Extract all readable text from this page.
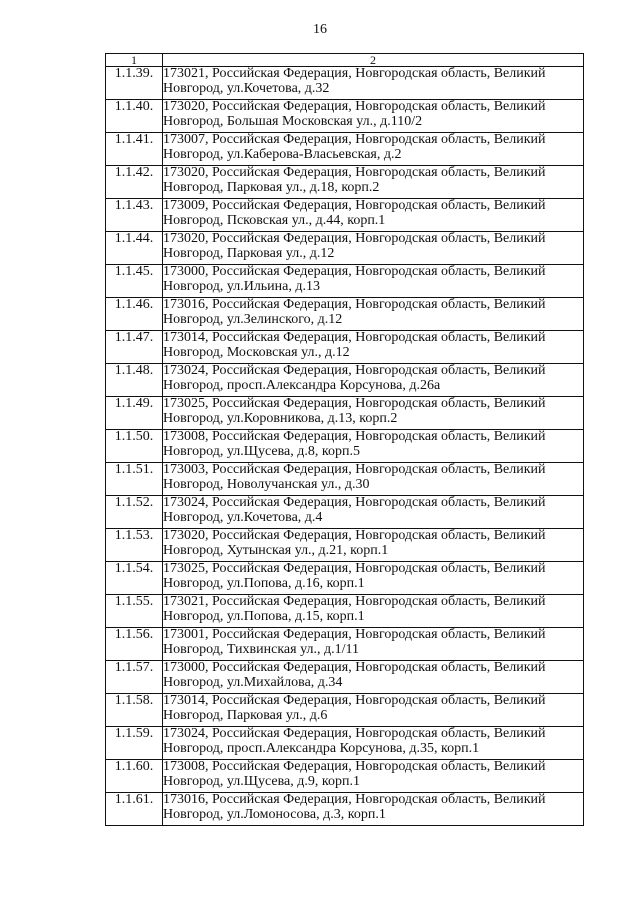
16
1	2
1.1.39.	173021, Российская Федерация, Новгородская область, Великий
Новгород, ул.Кочетова, д.32

1.1.40.	173020, Российская Федерация, Новгородская область, Великий
Новгород, Большая Московская ул., д.110/2

1.1.41.	173007, Российская Федерация, Новгородская область, Великий
Новгород, ул.Каберова-Власьевская, д.2

1.1.42.	173020, Российская Федерация, Новгородская область, Великий
Новгород, Парковая ул., д.18, корп.2

1.1.43.	173009, Российская Федерация, Новгородская область, Великий
Новгород, Псковская ул., д.44, корп.1

1.1.44.	173020, Российская Федерация, Новгородская область, Великий
Новгород, Парковая ул., д.12

1.1.45.	173000, Российская Федерация, Новгородская область, Великий
Новгород, ул.Ильина, д.13

1.1.46.	173016, Российская Федерация, Новгородская область, Великий
Новгород, ул.Зелинского, д.12

1.1.47.	173014, Российская Федерация, Новгородская область, Великий
Новгород, Московская ул., д.12

1.1.48.	173024, Российская Федерация, Новгородская область, Великий
Новгород, просп.Александра Корсунова, д.26а

1.1.49.	173025, Российская Федерация, Новгородская область, Великий
Новгород, ул.Коровникова, д.13, корп.2

1.1.50.	173008, Российская Федерация, Новгородская область, Великий
Новгород, ул.Щусева, д.8, корп.5

1.1.51.	173003, Российская Федерация, Новгородская область, Великий
Новгород, Новолучанская ул., д.30

1.1.52.	173024, Российская Федерация, Новгородская область, Великий
Новгород, ул.Кочетова, д.4

1.1.53.	173020, Российская Федерация, Новгородская область, Великий
Новгород, Хутынская ул., д.21, корп.1

1.1.54.	173025, Российская Федерация, Новгородская область, Великий
Новгород, ул.Попова, д.16, корп.1

1.1.55.	173021, Российская Федерация, Новгородская область, Великий
Новгород, ул.Попова, д.15, корп.1

1.1.56.	173001, Российская Федерация, Новгородская область, Великий
Новгород, Тихвинская ул., д.1/11

1.1.57.	173000, Российская Федерация, Новгородская область, Великий
Новгород, ул.Михайлова, д.34

1.1.58.	173014, Российская Федерация, Новгородская область, Великий
Новгород, Парковая ул., д.6

1.1.59.	173024, Российская Федерация, Новгородская область, Великий
Новгород, просп.Александра Корсунова, д.35, корп.1

1.1.60.	173008, Российская Федерация, Новгородская область, Великий
Новгород, ул.Щусева, д.9, корп.1

1.1.61.	173016, Российская Федерация, Новгородская область, Великий
Новгород, ул.Ломоносова, д.3, корп.1
